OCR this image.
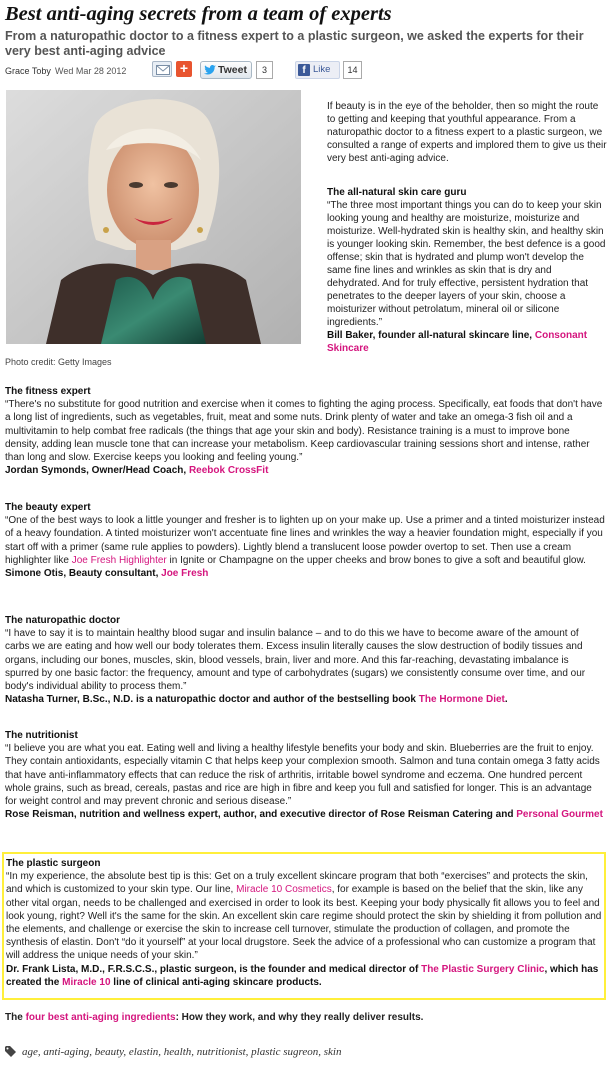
Best anti-aging secrets from a team of experts
From a naturopathic doctor to a fitness expert to a plastic surgeon, we asked the experts for their very best anti-aging advice
Grace Toby Wed Mar 28 2012	+	Tweet	3	f Like	14
Photo credit: Getty Images

If beauty is in the eye of the beholder, then so might the route to getting and keeping that youthful appearance. From a naturopathic doctor to a fitness expert to a plastic surgeon, we consulted a range of experts and implored them to give us their very best anti-aging advice.

The all-natural skin care guru
“The three most important things you can do to keep your skin looking young and healthy are moisturize, moisturize and moisturize. Well-hydrated skin is healthy skin, and healthy skin is younger looking skin. Remember, the best defence is a good offense; skin that is hydrated and plump won't develop the same fine lines and wrinkles as skin that is dry and dehydrated. And for truly effective, persistent hydration that penetrates to the deeper layers of your skin, choose a moisturizer without petrolatum, mineral oil or silicone ingredients.”
Bill Baker, founder all-natural skincare line, Consonant Skincare
The fitness expert
“There's no substitute for good nutrition and exercise when it comes to fighting the aging process. Specifically, eat foods that don't have a long list of ingredients, such as vegetables, fruit, meat and some nuts. Drink plenty of water and take an omega-3 fish oil and a multivitamin to help combat free radicals (the things that age your skin and body). Resistance training is a must to improve bone density, adding lean muscle tone that can increase your metabolism. Keep cardiovascular training sessions short and intense, rather than long and slow. Exercise keeps you looking and feeling young.”
Jordan Symonds, Owner/Head Coach, Reebok CrossFit
The beauty expert
“One of the best ways to look a little younger and fresher is to lighten up on your make up. Use a primer and a tinted moisturizer instead of a heavy foundation. A tinted moisturizer won't accentuate fine lines and wrinkles the way a heavier foundation might, especially if you start off with a primer (same rule applies to powders). Lightly blend a translucent loose powder overtop to set. Then use a cream highlighter like Joe Fresh Highlighter in Ignite or Champagne on the upper cheeks and brow bones to give a soft and beautiful glow.
Simone Otis, Beauty consultant, Joe Fresh
The naturopathic doctor
“I have to say it is to maintain healthy blood sugar and insulin balance – and to do this we have to become aware of the amount of carbs we are eating and how well our body tolerates them. Excess insulin literally causes the slow destruction of bodily tissues and organs, including our bones, muscles, skin, blood vessels, brain, liver and more. And this far-reaching, devastating imbalance is spurred by one basic factor: the frequency, amount and type of carbohydrates (sugars) we consistently consume over time, and our body's individual ability to process them.”
Natasha Turner, B.Sc., N.D. is a naturopathic doctor and author of the bestselling book The Hormone Diet.
The nutritionist
“I believe you are what you eat. Eating well and living a healthy lifestyle benefits your body and skin. Blueberries are the fruit to enjoy. They contain antioxidants, especially vitamin C that helps keep your complexion smooth. Salmon and tuna contain omega 3 fatty acids that have anti-inflammatory effects that can reduce the risk of arthritis, irritable bowel syndrome and eczema. One hundred percent whole grains, such as bread, cereals, pastas and rice are high in fibre and keep you full and satisfied for longer. This is an advantage for weight control and may prevent chronic and serious disease.”
Rose Reisman, nutrition and wellness expert, author, and executive director of Rose Reisman Catering and Personal Gourmet
The plastic surgeon
“In my experience, the absolute best tip is this: Get on a truly excellent skincare program that both “exercises” and protects the skin, and which is customized to your skin type. Our line, Miracle 10 Cosmetics, for example is based on the belief that the skin, like any other vital organ, needs to be challenged and exercised in order to look its best. Keeping your body physically fit allows you to feel and look young, right? Well it's the same for the skin. An excellent skin care regime should protect the skin by shielding it from pollution and the elements, and challenge or exercise the skin to increase cell turnover, stimulate the production of collagen, and promote the synthesis of elastin. Don't “do it yourself” at your local drugstore. Seek the advice of a professional who can customize a program that will address the unique needs of your skin.”
Dr. Frank Lista, M.D., F.R.S.C.S., plastic surgeon, is the founder and medical director of The Plastic Surgery Clinic, which has created the Miracle 10 line of clinical anti-aging skincare products.
The four best anti-aging ingredients: How they work, and why they really deliver results.
age, anti-aging, beauty, elastin, health, nutritionist, plastic sugreon, skin
